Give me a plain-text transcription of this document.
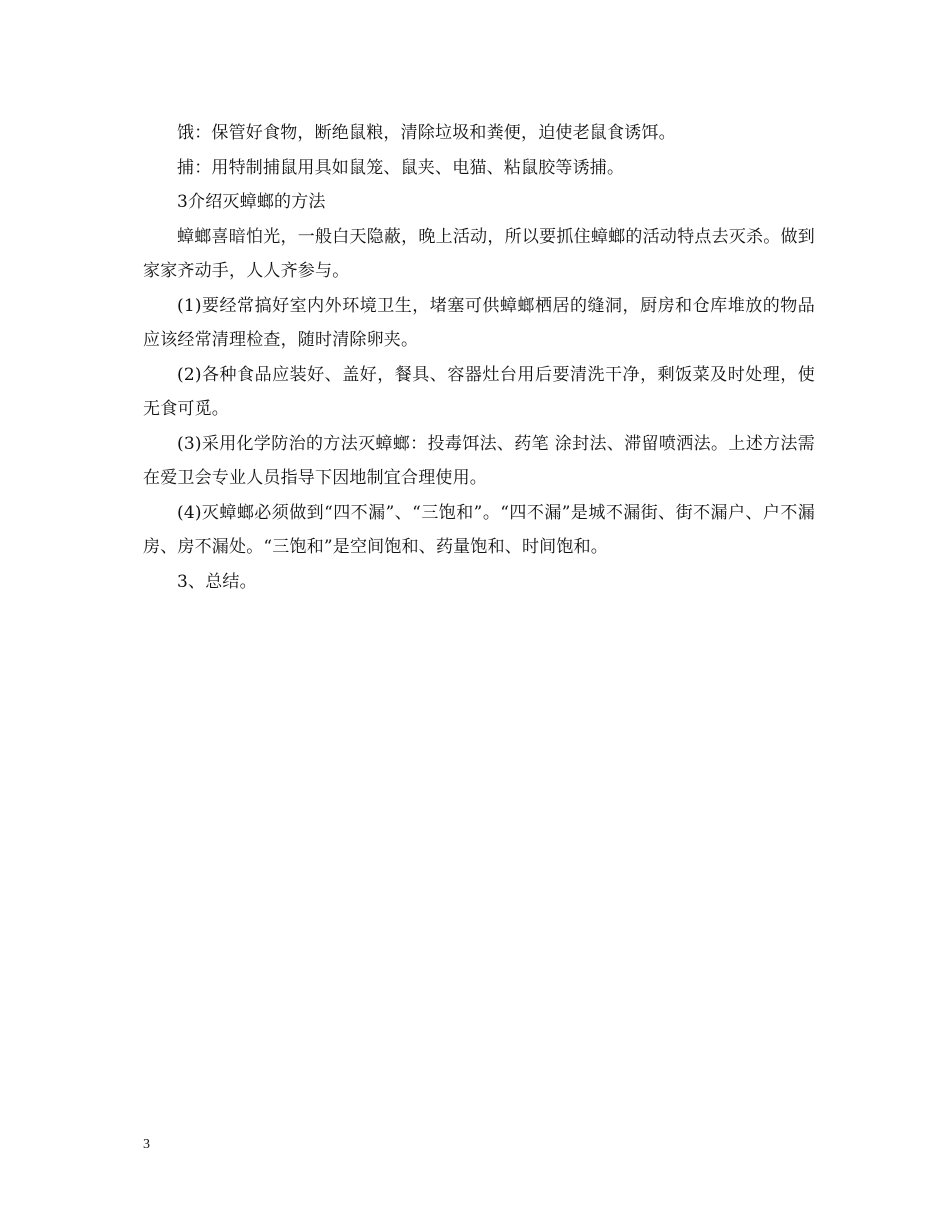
饿：保管好食物，断绝鼠粮，清除垃圾和粪便，迫使老鼠食诱饵。

捕：用特制捕鼠用具如鼠笼、鼠夹、电猫、粘鼠胶等诱捕。

3介绍灭蟑螂的方法

蟑螂喜暗怕光，一般白天隐蔽，晚上活动，所以要抓住蟑螂的活动特点去灭杀。做到家家齐动手，人人齐参与。

(1)要经常搞好室内外环境卫生，堵塞可供蟑螂栖居的缝洞，厨房和仓库堆放的物品应该经常清理检查，随时清除卵夹。

(2)各种食品应装好、盖好，餐具、容器灶台用后要清洗干净，剩饭菜及时处理，使无食可觅。

(3)采用化学防治的方法灭蟑螂：投毒饵法、药笔 涂封法、滞留喷洒法。上述方法需在爱卫会专业人员指导下因地制宜合理使用。

(4)灭蟑螂必须做到“四不漏”、“三饱和”。“四不漏”是城不漏街、街不漏户、户不漏房、房不漏处。“三饱和”是空间饱和、药量饱和、时间饱和。

3、总结。

3
